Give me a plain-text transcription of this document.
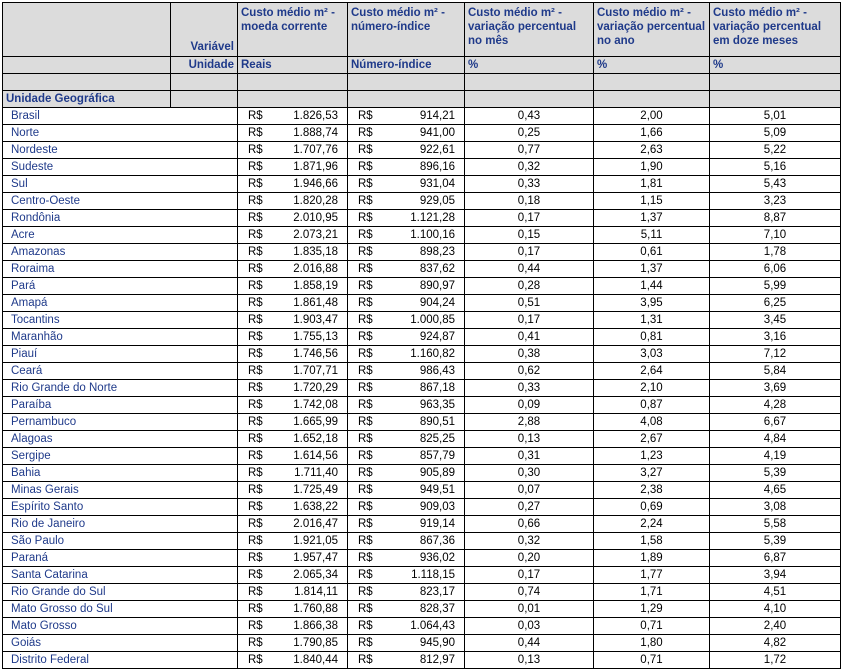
	Variável	Custo médio m² - moeda corrente	Custo médio m² - número-índice	Custo médio m² - variação percentual no mês	Custo médio m² - variação percentual no ano	Custo médio m² - variação percentual em doze meses
	Unidade	Reais	Número-índice	%	%	%

Unidade Geográfica						
Brasil		R$ 1.826,53	R$ 914,21	0,43	2,00	5,01
Norte		R$ 1.888,74	R$ 941,00	0,25	1,66	5,09
Nordeste		R$ 1.707,76	R$ 922,61	0,77	2,63	5,22
Sudeste		R$ 1.871,96	R$ 896,16	0,32	1,90	5,16
Sul		R$ 1.946,66	R$ 931,04	0,33	1,81	5,43
Centro-Oeste		R$ 1.820,28	R$ 929,05	0,18	1,15	3,23
Rondônia		R$ 2.010,95	R$ 1.121,28	0,17	1,37	8,87
Acre		R$ 2.073,21	R$ 1.100,16	0,15	5,11	7,10
Amazonas		R$ 1.835,18	R$ 898,23	0,17	0,61	1,78
Roraima		R$ 2.016,88	R$ 837,62	0,44	1,37	6,06
Pará		R$ 1.858,19	R$ 890,97	0,28	1,44	5,99
Amapá		R$ 1.861,48	R$ 904,24	0,51	3,95	6,25
Tocantins		R$ 1.903,47	R$ 1.000,85	0,17	1,31	3,45
Maranhão		R$ 1.755,13	R$ 924,87	0,41	0,81	3,16
Piauí		R$ 1.746,56	R$ 1.160,82	0,38	3,03	7,12
Ceará		R$ 1.707,71	R$ 986,43	0,62	2,64	5,84
Rio Grande do Norte		R$ 1.720,29	R$ 867,18	0,33	2,10	3,69
Paraíba		R$ 1.742,08	R$ 963,35	0,09	0,87	4,28
Pernambuco		R$ 1.665,99	R$ 890,51	2,88	4,08	6,67
Alagoas		R$ 1.652,18	R$ 825,25	0,13	2,67	4,84
Sergipe		R$ 1.614,56	R$ 857,79	0,31	1,23	4,19
Bahia		R$ 1.711,40	R$ 905,89	0,30	3,27	5,39
Minas Gerais		R$ 1.725,49	R$ 949,51	0,07	2,38	4,65
Espírito Santo		R$ 1.638,22	R$ 909,03	0,27	0,69	3,08
Rio de Janeiro		R$ 2.016,47	R$ 919,14	0,66	2,24	5,58
São Paulo		R$ 1.921,05	R$ 867,36	0,32	1,58	5,39
Paraná		R$ 1.957,47	R$ 936,02	0,20	1,89	6,87
Santa Catarina		R$ 2.065,34	R$ 1.118,15	0,17	1,77	3,94
Rio Grande do Sul		R$ 1.814,11	R$ 823,17	0,74	1,71	4,51
Mato Grosso do Sul		R$ 1.760,88	R$ 828,37	0,01	1,29	4,10
Mato Grosso		R$ 1.866,38	R$ 1.064,43	0,03	0,71	2,40
Goiás		R$ 1.790,85	R$ 945,90	0,44	1,80	4,82
Distrito Federal		R$ 1.840,44	R$ 812,97	0,13	0,71	1,72
